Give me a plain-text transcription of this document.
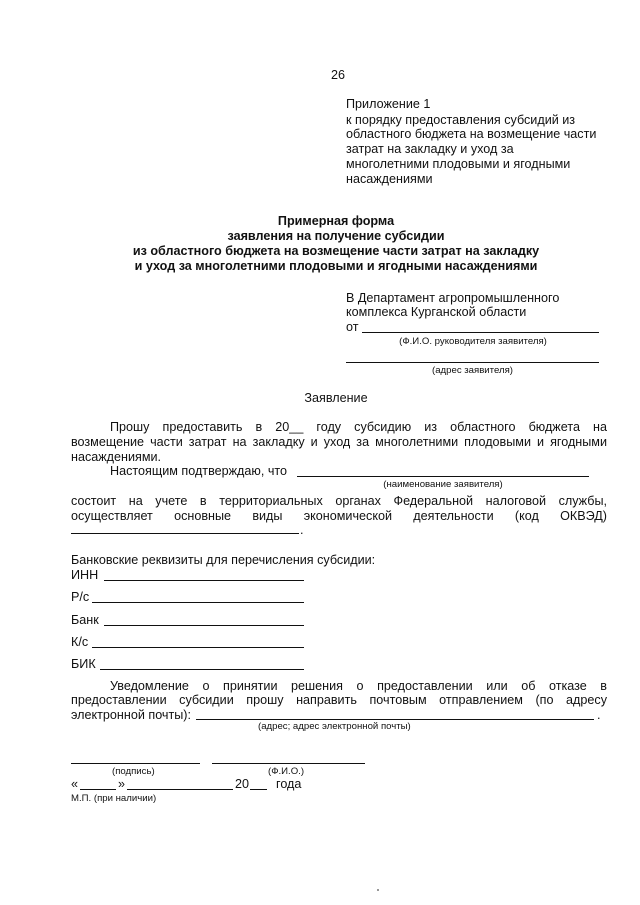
26
Приложение 1
к порядку предоставления субсидий из
областного бюджета на возмещение части
затрат на закладку и уход за
многолетними плодовыми и ягодными
насаждениями
Примерная форма
заявления на получение субсидии
из областного бюджета на возмещение части затрат на закладку
и уход за многолетними плодовыми и ягодными насаждениями
В Департамент агропромышленного
комплекса Курганской области
от
(Ф.И.О. руководителя заявителя)
(адрес заявителя)
Заявление
Прошу предоставить в 20__ году субсидию из областного бюджета на
возмещение части затрат на закладку и уход за многолетними плодовыми и ягодными
насаждениями.
Настоящим подтверждаю, что
(наименование заявителя)
состоит на учете в территориальных органах Федеральной налоговой службы,
осуществляет основные виды экономической деятельности (код ОКВЭД)
.
Банковские реквизиты для перечисления субсидии:
ИНН
Р/с
Банк
К/с
БИК
Уведомление о принятии решения о предоставлении или об отказе в
предоставлении субсидии прошу направить почтовым отправлением (по адресу
электронной почты):	.
(адрес; адрес электронной почты)
(подпись)	(Ф.И.О.)
«	»	20 года
М.П. (при наличии)
